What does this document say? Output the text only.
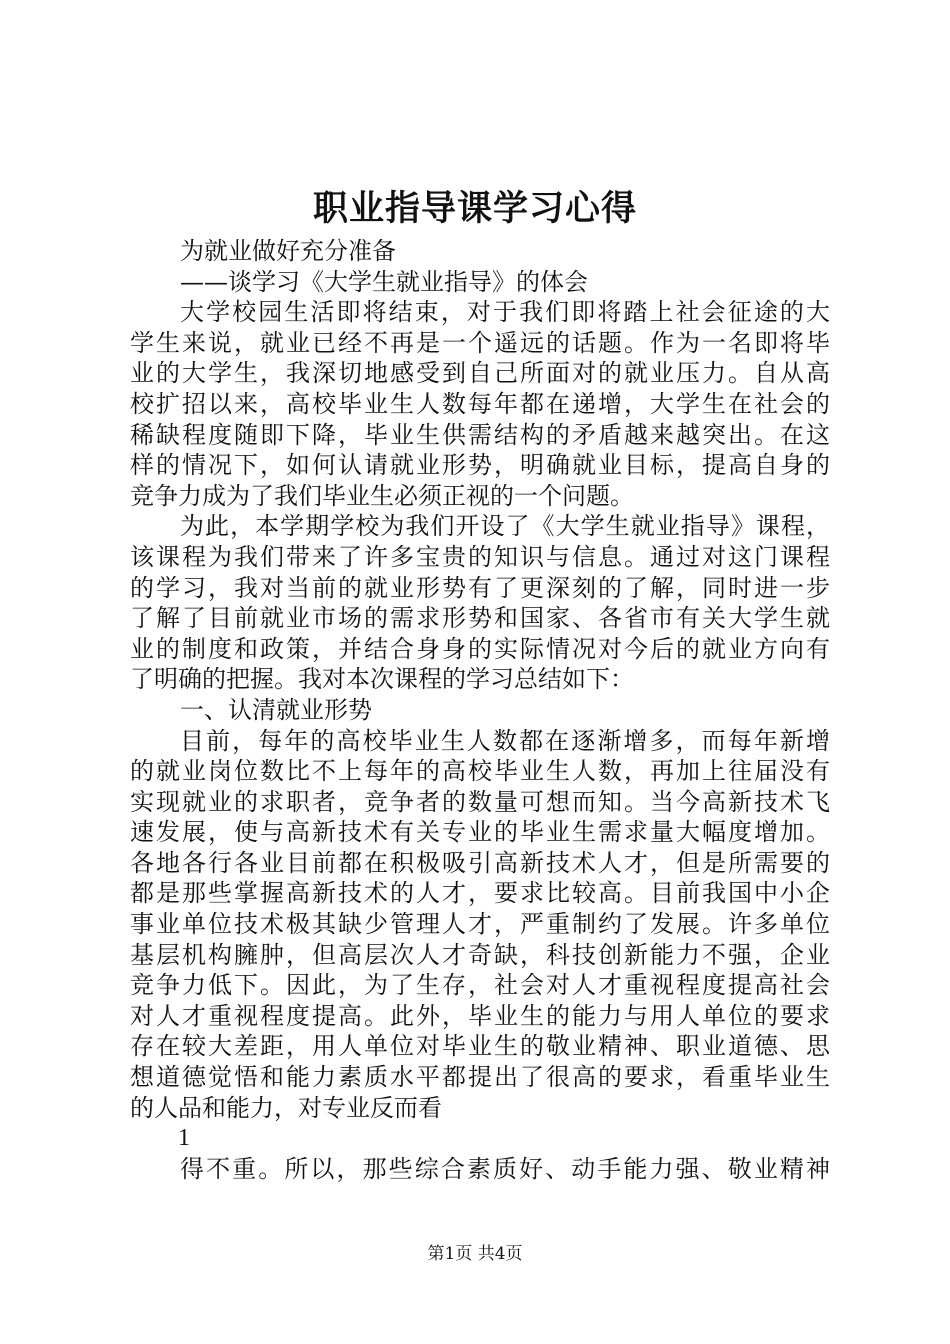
职业指导课学习心得
为就业做好充分准备
——谈学习《大学生就业指导》的体会
大学校园生活即将结束，对于我们即将踏上社会征途的大
学生来说，就业已经不再是一个遥远的话题。作为一名即将毕
业的大学生，我深切地感受到自己所面对的就业压力。自从高
校扩招以来，高校毕业生人数每年都在递增，大学生在社会的
稀缺程度随即下降，毕业生供需结构的矛盾越来越突出。在这
样的情况下，如何认请就业形势，明确就业目标，提高自身的
竞争力成为了我们毕业生必须正视的一个问题。
为此，本学期学校为我们开设了《大学生就业指导》课程，
该课程为我们带来了许多宝贵的知识与信息。通过对这门课程
的学习，我对当前的就业形势有了更深刻的了解，同时进一步
了解了目前就业市场的需求形势和国家、各省市有关大学生就
业的制度和政策，并结合身身的实际情况对今后的就业方向有
了明确的把握。我对本次课程的学习总结如下：
一、认清就业形势
目前，每年的高校毕业生人数都在逐渐增多，而每年新增
的就业岗位数比不上每年的高校毕业生人数，再加上往届没有
实现就业的求职者，竞争者的数量可想而知。当今高新技术飞
速发展，使与高新技术有关专业的毕业生需求量大幅度增加。
各地各行各业目前都在积极吸引高新技术人才，但是所需要的
都是那些掌握高新技术的人才，要求比较高。目前我国中小企
事业单位技术极其缺少管理人才，严重制约了发展。许多单位
基层机构臃肿，但高层次人才奇缺，科技创新能力不强，企业
竞争力低下。因此，为了生存，社会对人才重视程度提高社会
对人才重视程度提高。此外，毕业生的能力与用人单位的要求
存在较大差距，用人单位对毕业生的敬业精神、职业道德、思
想道德觉悟和能力素质水平都提出了很高的要求，看重毕业生
的人品和能力，对专业反而看
1
得不重。所以，那些综合素质好、动手能力强、敬业精神
第1页 共4页
